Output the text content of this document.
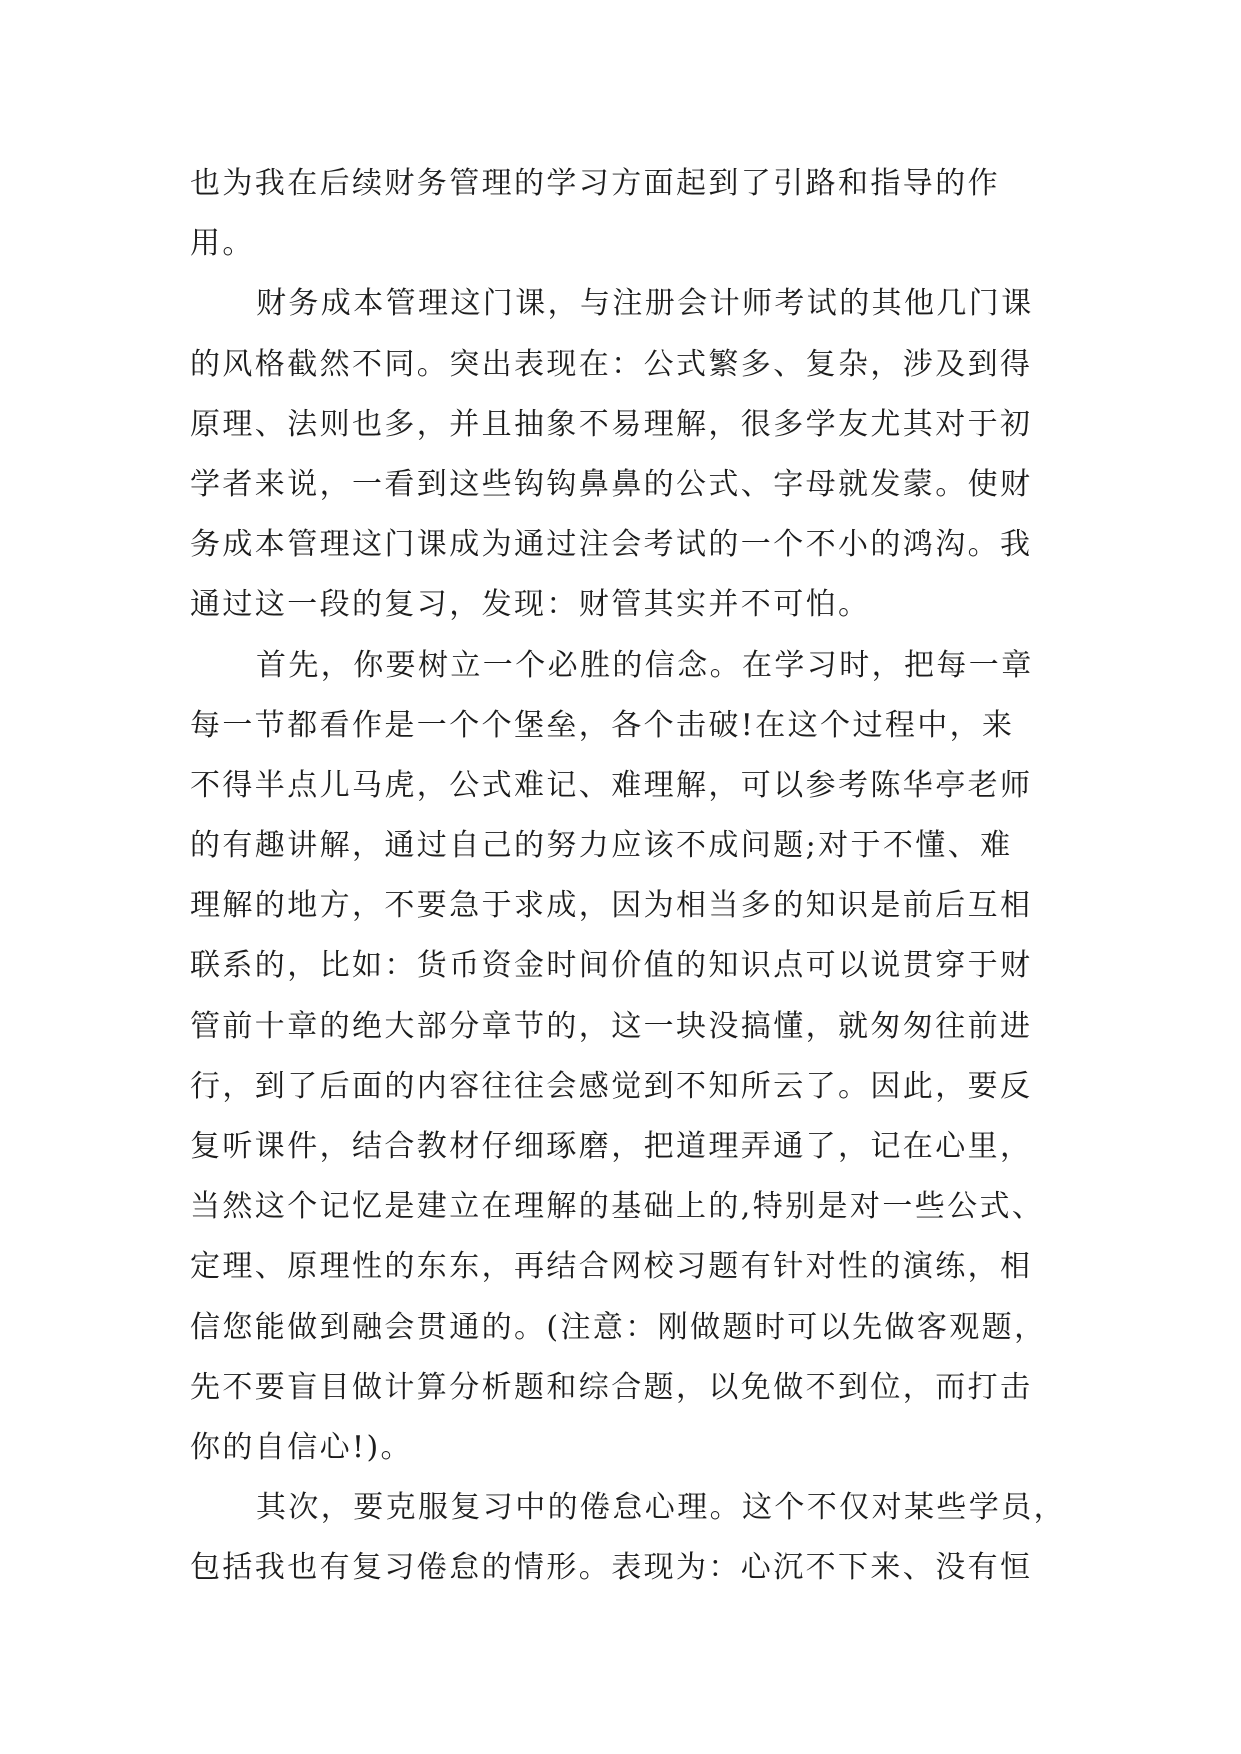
也为我在后续财务管理的学习方面起到了引路和指导的作
用。
财务成本管理这门课，与注册会计师考试的其他几门课
的风格截然不同。突出表现在：公式繁多、复杂，涉及到得
原理、法则也多，并且抽象不易理解，很多学友尤其对于初
学者来说，一看到这些钩钩鼻鼻的公式、字母就发蒙。使财
务成本管理这门课成为通过注会考试的一个不小的鸿沟。我
通过这一段的复习，发现：财管其实并不可怕。
首先，你要树立一个必胜的信念。在学习时，把每一章
每一节都看作是一个个堡垒，各个击破!在这个过程中，来
不得半点儿马虎，公式难记、难理解，可以参考陈华亭老师
的有趣讲解，通过自己的努力应该不成问题;对于不懂、难
理解的地方，不要急于求成，因为相当多的知识是前后互相
联系的，比如：货币资金时间价值的知识点可以说贯穿于财
管前十章的绝大部分章节的，这一块没搞懂，就匆匆往前进
行，到了后面的内容往往会感觉到不知所云了。因此，要反
复听课件，结合教材仔细琢磨，把道理弄通了，记在心里，
当然这个记忆是建立在理解的基础上的,特别是对一些公式、
定理、原理性的东东，再结合网校习题有针对性的演练，相
信您能做到融会贯通的。(注意：刚做题时可以先做客观题，
先不要盲目做计算分析题和综合题，以免做不到位，而打击
你的自信心!)。
其次，要克服复习中的倦怠心理。这个不仅对某些学员，
包括我也有复习倦怠的情形。表现为：心沉不下来、没有恒
